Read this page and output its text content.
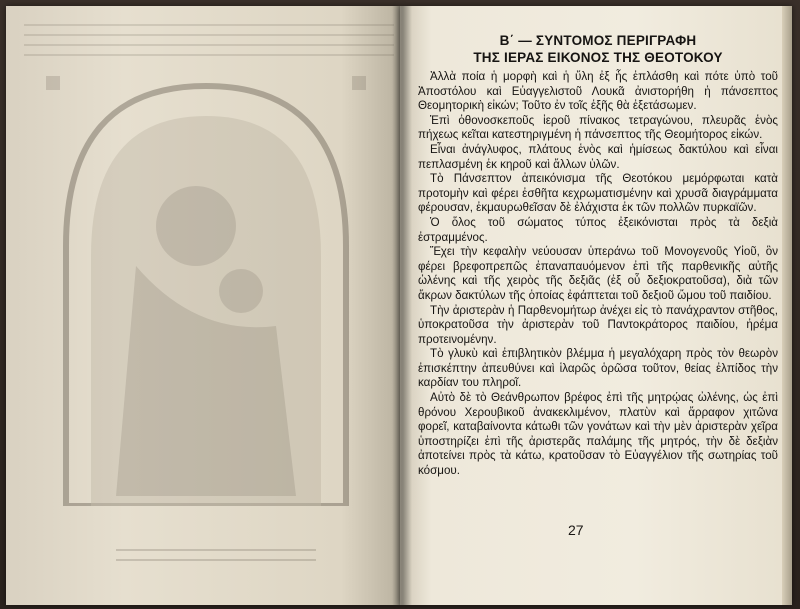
Β΄ — ΣΥΝΤΟΜΟΣ ΠΕΡΙΓΡΑΦΗ
ΤΗΣ ΙΕΡΑΣ ΕΙΚΟΝΟΣ ΤΗΣ ΘΕΟΤΟΚΟΥ

Ἀλλὰ ποία ἡ μορφὴ καὶ ἡ ὕλη ἐξ ἧς ἐπλάσθη καὶ πότε ὑπὸ τοῦ Ἀποστόλου καὶ Εὐαγγελιστοῦ Λουκᾶ ἀνιστορήθη ἡ πάνσεπτος Θεομητορικὴ εἰκών; Τοῦτο ἐν τοῖς ἑξῆς θὰ ἐξετάσωμεν.

Ἐπὶ ὀθονοσκεποῦς ἱεροῦ πίνακος τετραγώνου, πλευρᾶς ἑνὸς πήχεως κεῖται κατεστηριγμένη ἡ πάνσεπτος τῆς Θεομήτορος εἰκών.

Εἶναι ἀνάγλυφος, πλάτους ἑνὸς καὶ ἡμίσεως δακτύλου καὶ εἶναι πεπλασμένη ἐκ κηροῦ καὶ ἄλλων ὑλῶν.

Τὸ Πάνσεπτον ἀπεικόνισμα τῆς Θεοτόκου μεμόρφωται κατὰ προτομὴν καὶ φέρει ἐσθῆτα κεχρωματισμένην καὶ χρυσᾶ διαγράμματα φέρουσαν, ἐκμαυρωθεῖσαν δὲ ἐλάχιστα ἐκ τῶν πολλῶν πυρκαϊῶν.

Ὁ ὅλος τοῦ σώματος τύπος ἐξεικόνισται πρὸς τὰ δεξιὰ ἐστραμμένος.

Ἔχει τὴν κεφαλὴν νεύουσαν ὑπεράνω τοῦ Μονογενοῦς Υἱοῦ, ὃν φέρει βρεφοπρεπῶς ἐπαναπαυόμενον ἐπὶ τῆς παρθενικῆς αὐτῆς ὠλένης καὶ τῆς χειρὸς τῆς δεξιᾶς (ἐξ οὗ δεξιοκρατοῦσα), διὰ τῶν ἄκρων δακτύλων τῆς ὁποίας ἐφάπτεται τοῦ δεξιοῦ ὤμου τοῦ παιδίου.

Τὴν ἀριστερὰν ἡ Παρθενομήτωρ ἀνέχει εἰς τὸ πανάχραντον στῆθος, ὑποκρατοῦσα τὴν ἀριστερὰν τοῦ Παντοκράτορος παιδίου, ἠρέμα προτεινομένην.

Τὸ γλυκὺ καὶ ἐπιβλητικὸν βλέμμα ἡ μεγαλόχαρη πρὸς τὸν θεωρὸν ἐπισκέπτην ἀπευθύνει καὶ ἱλαρῶς ὁρῶσα τοῦτον, θείας ἐλπίδος τὴν καρδίαν του πληροῖ.

Αὐτὸ δὲ τὸ Θεάνθρωπον βρέφος ἐπὶ τῆς μητρῴας ὠλένης, ὡς ἐπὶ θρόνου Χερουβικοῦ ἀνακεκλιμένον, πλατὺν καὶ ἄρραφον χιτῶνα φορεῖ, καταβαίνοντα κάτωθι τῶν γονάτων καὶ τὴν μὲν ἀριστερὰν χεῖρα ὑποστηρίζει ἐπὶ τῆς ἀριστερᾶς παλάμης τῆς μητρός, τὴν δὲ δεξιὰν ἀποτείνει πρὸς τὰ κάτω, κρατοῦσαν τὸ Εὐαγγέλιον τῆς σωτηρίας τοῦ κόσμου.

27
